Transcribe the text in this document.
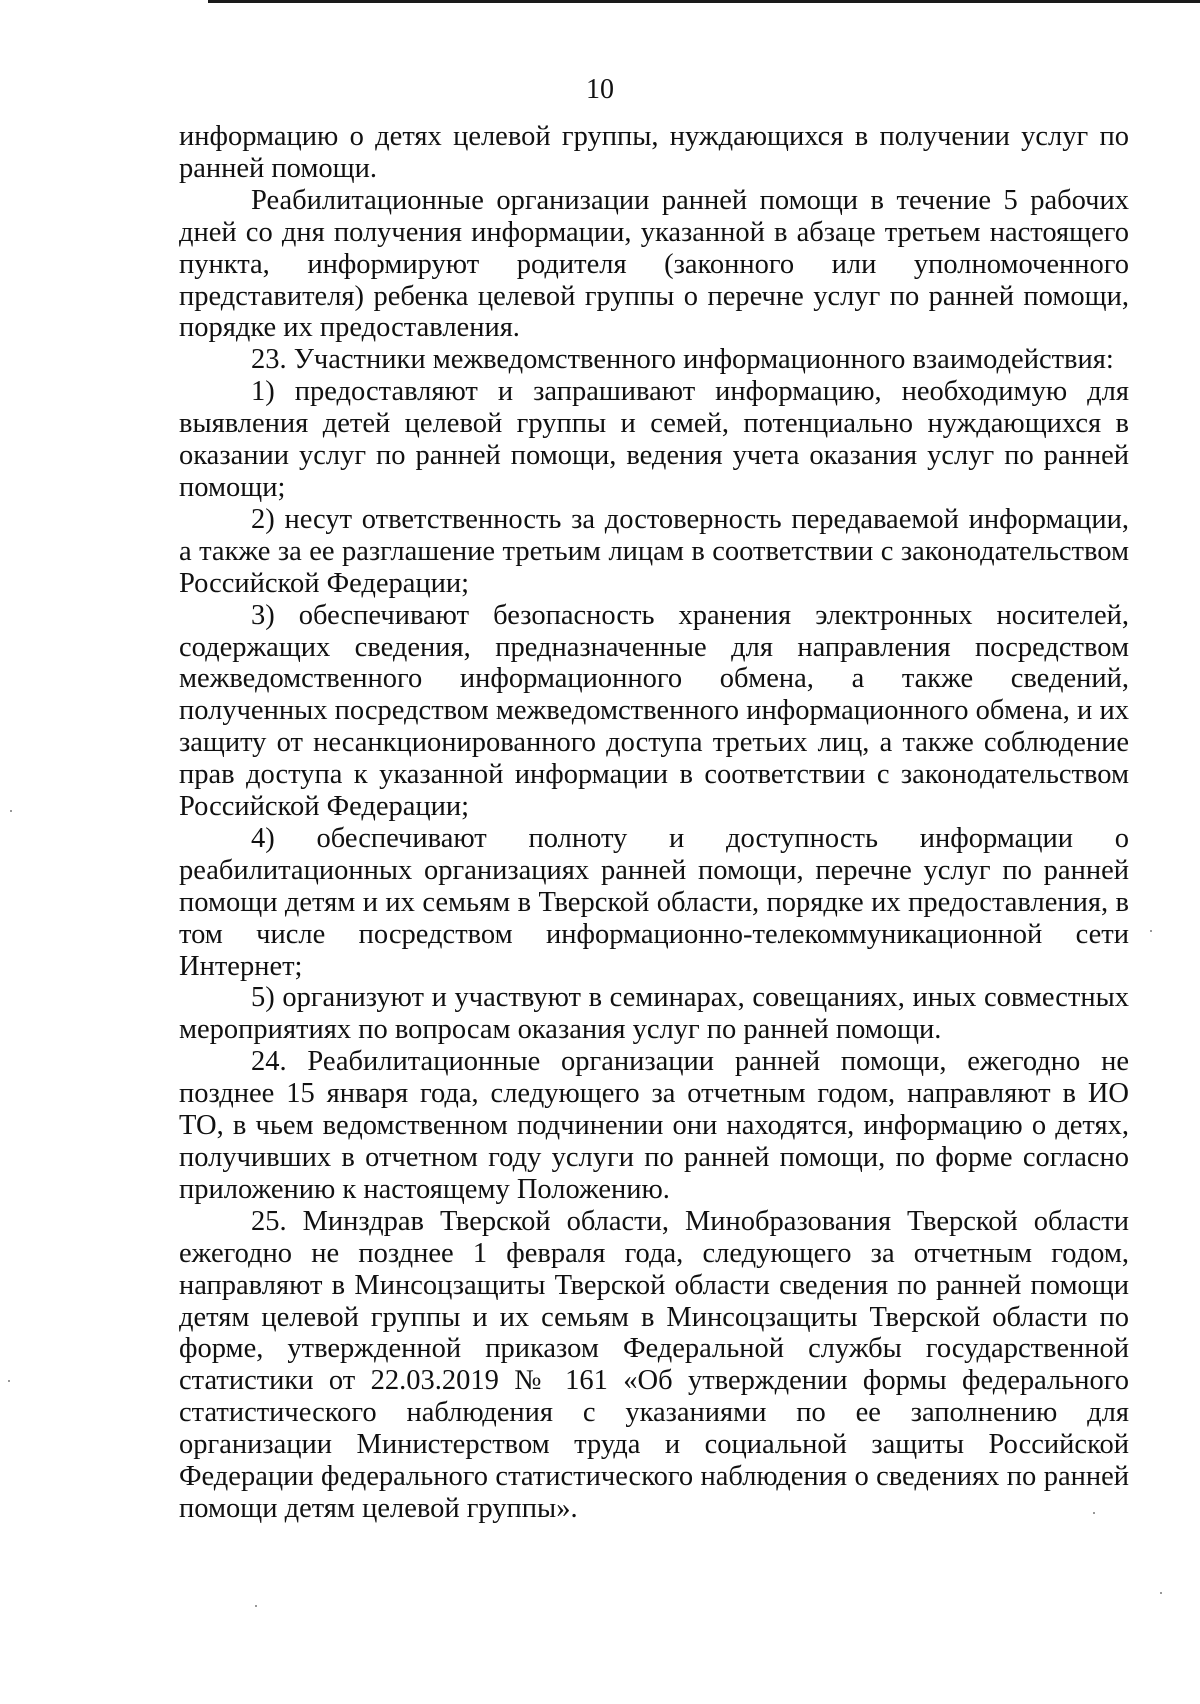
10

информацию о детях целевой группы, нуждающихся в получении услуг по ранней помощи.

Реабилитационные организации ранней помощи в течение 5 рабочих дней со дня получения информации, указанной в абзаце третьем настоящего пункта, информируют родителя (законного или уполномоченного представителя) ребенка целевой группы о перечне услуг по ранней помощи, порядке их предоставления.

23. Участники межведомственного информационного взаимодействия:

1) предоставляют и запрашивают информацию, необходимую для выявления детей целевой группы и семей, потенциально нуждающихся в оказании услуг по ранней помощи, ведения учета оказания услуг по ранней помощи;

2) несут ответственность за достоверность передаваемой информации, а также за ее разглашение третьим лицам в соответствии с законодательством Российской Федерации;

3) обеспечивают безопасность хранения электронных носителей, содержащих сведения, предназначенные для направления посредством межведомственного информационного обмена, а также сведений, полученных посредством межведомственного информационного обмена, и их защиту от несанкционированного доступа третьих лиц, а также соблюдение прав доступа к указанной информации в соответствии с законодательством Российской Федерации;

4) обеспечивают полноту и доступность информации о реабилитационных организациях ранней помощи, перечне услуг по ранней помощи детям и их семьям в Тверской области, порядке их предоставления, в том числе посредством информационно-телекоммуникационной сети Интернет;

5) организуют и участвуют в семинарах, совещаниях, иных совместных мероприятиях по вопросам оказания услуг по ранней помощи.

24. Реабилитационные организации ранней помощи, ежегодно не позднее 15 января года, следующего за отчетным годом, направляют в ИО ТО, в чьем ведомственном подчинении они находятся, информацию о детях, получивших в отчетном году услуги по ранней помощи, по форме согласно приложению к настоящему Положению.

25. Минздрав Тверской области, Минобразования Тверской области ежегодно не позднее 1 февраля года, следующего за отчетным годом, направляют в Минсоцзащиты Тверской области сведения по ранней помощи детям целевой группы и их семьям в Минсоцзащиты Тверской области по форме, утвержденной приказом Федеральной службы государственной статистики от 22.03.2019 № 161 «Об утверждении формы федерального статистического наблюдения с указаниями по ее заполнению для организации Министерством труда и социальной защиты Российской Федерации федерального статистического наблюдения о сведениях по ранней помощи детям целевой группы».
